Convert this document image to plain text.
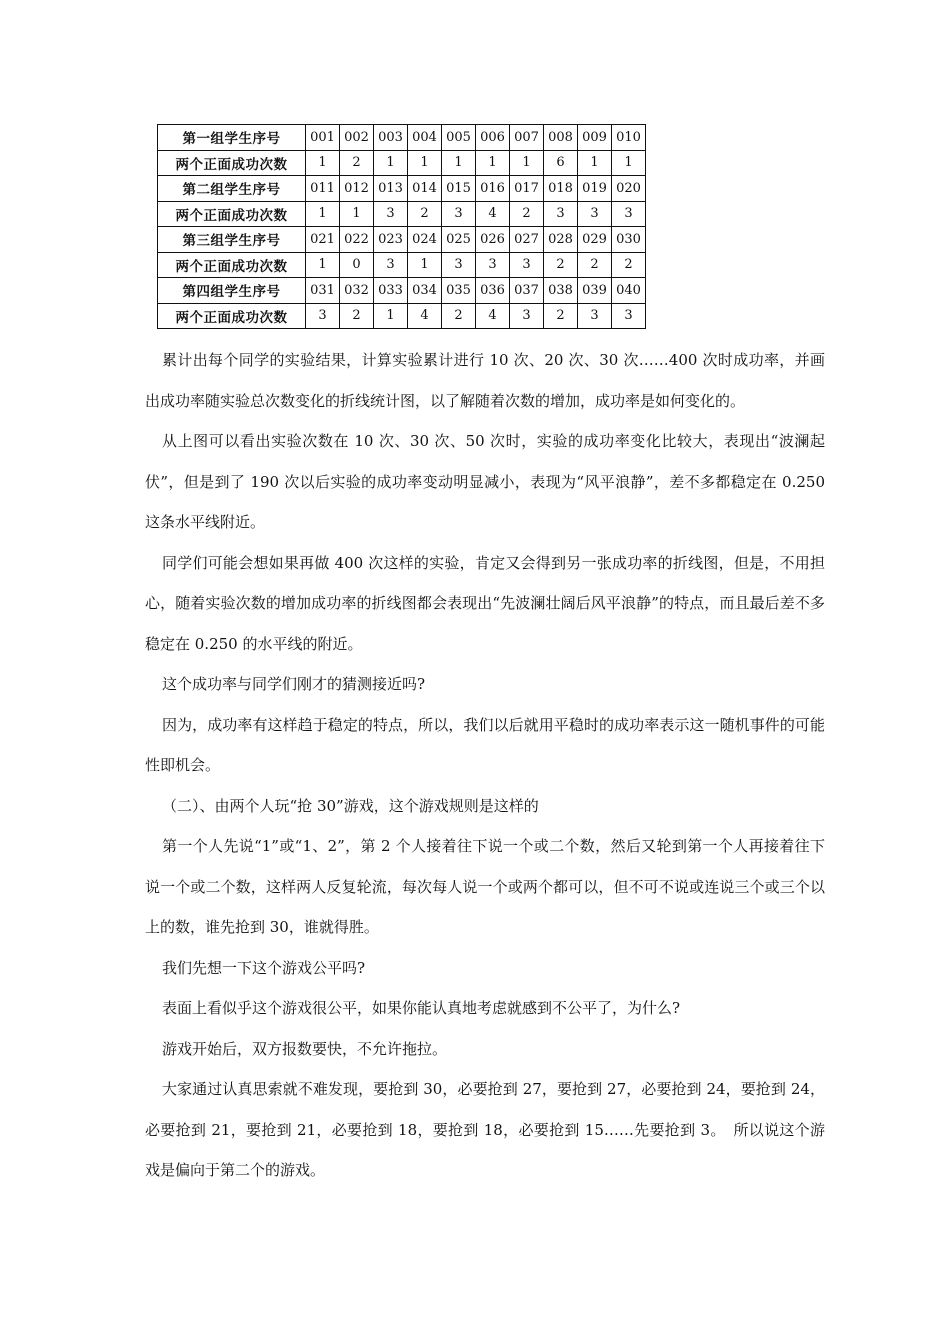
第一组学生序号	001	002	003	004	005	006	007	008	009	010
两个正面成功次数	1	2	1	1	1	1	1	6	1	1
第二组学生序号	011	012	013	014	015	016	017	018	019	020
两个正面成功次数	1	1	3	2	3	4	2	3	3	3
第三组学生序号	021	022	023	024	025	026	027	028	029	030
两个正面成功次数	1	0	3	1	3	3	3	2	2	2
第四组学生序号	031	032	033	034	035	036	037	038	039	040
两个正面成功次数	3	2	1	4	2	4	3	2	3	3

累计出每个同学的实验结果，计算实验累计进行 10 次、20 次、30 次……400 次时成功率，并画出成功率随实验总次数变化的折线统计图，以了解随着次数的增加，成功率是如何变化的。

从上图可以看出实验次数在 10 次、30 次、50 次时，实验的成功率变化比较大，表现出“波澜起伏”，但是到了 190 次以后实验的成功率变动明显减小，表现为“风平浪静”，差不多都稳定在 0.250 这条水平线附近。

同学们可能会想如果再做 400 次这样的实验，肯定又会得到另一张成功率的折线图，但是，不用担心，随着实验次数的增加成功率的折线图都会表现出“先波澜壮阔后风平浪静”的特点，而且最后差不多稳定在 0.250 的水平线的附近。

这个成功率与同学们刚才的猜测接近吗?

因为，成功率有这样趋于稳定的特点，所以，我们以后就用平稳时的成功率表示这一随机事件的可能性即机会。

（二）、由两个人玩“抢 30”游戏，这个游戏规则是这样的

第一个人先说“1”或“1、2”，第 2 个人接着往下说一个或二个数，然后又轮到第一个人再接着往下说一个或二个数，这样两人反复轮流，每次每人说一个或两个都可以，但不可不说或连说三个或三个以上的数，谁先抢到 30，谁就得胜。

我们先想一下这个游戏公平吗?

表面上看似乎这个游戏很公平，如果你能认真地考虑就感到不公平了，为什么?

游戏开始后，双方报数要快，不允许拖拉。

大家通过认真思索就不难发现，要抢到 30，必要抢到 27，要抢到 27，必要抢到 24，要抢到 24，必要抢到 21，要抢到 21，必要抢到 18，要抢到 18，必要抢到 15……先要抢到 3。　所以说这个游戏是偏向于第二个的游戏。
